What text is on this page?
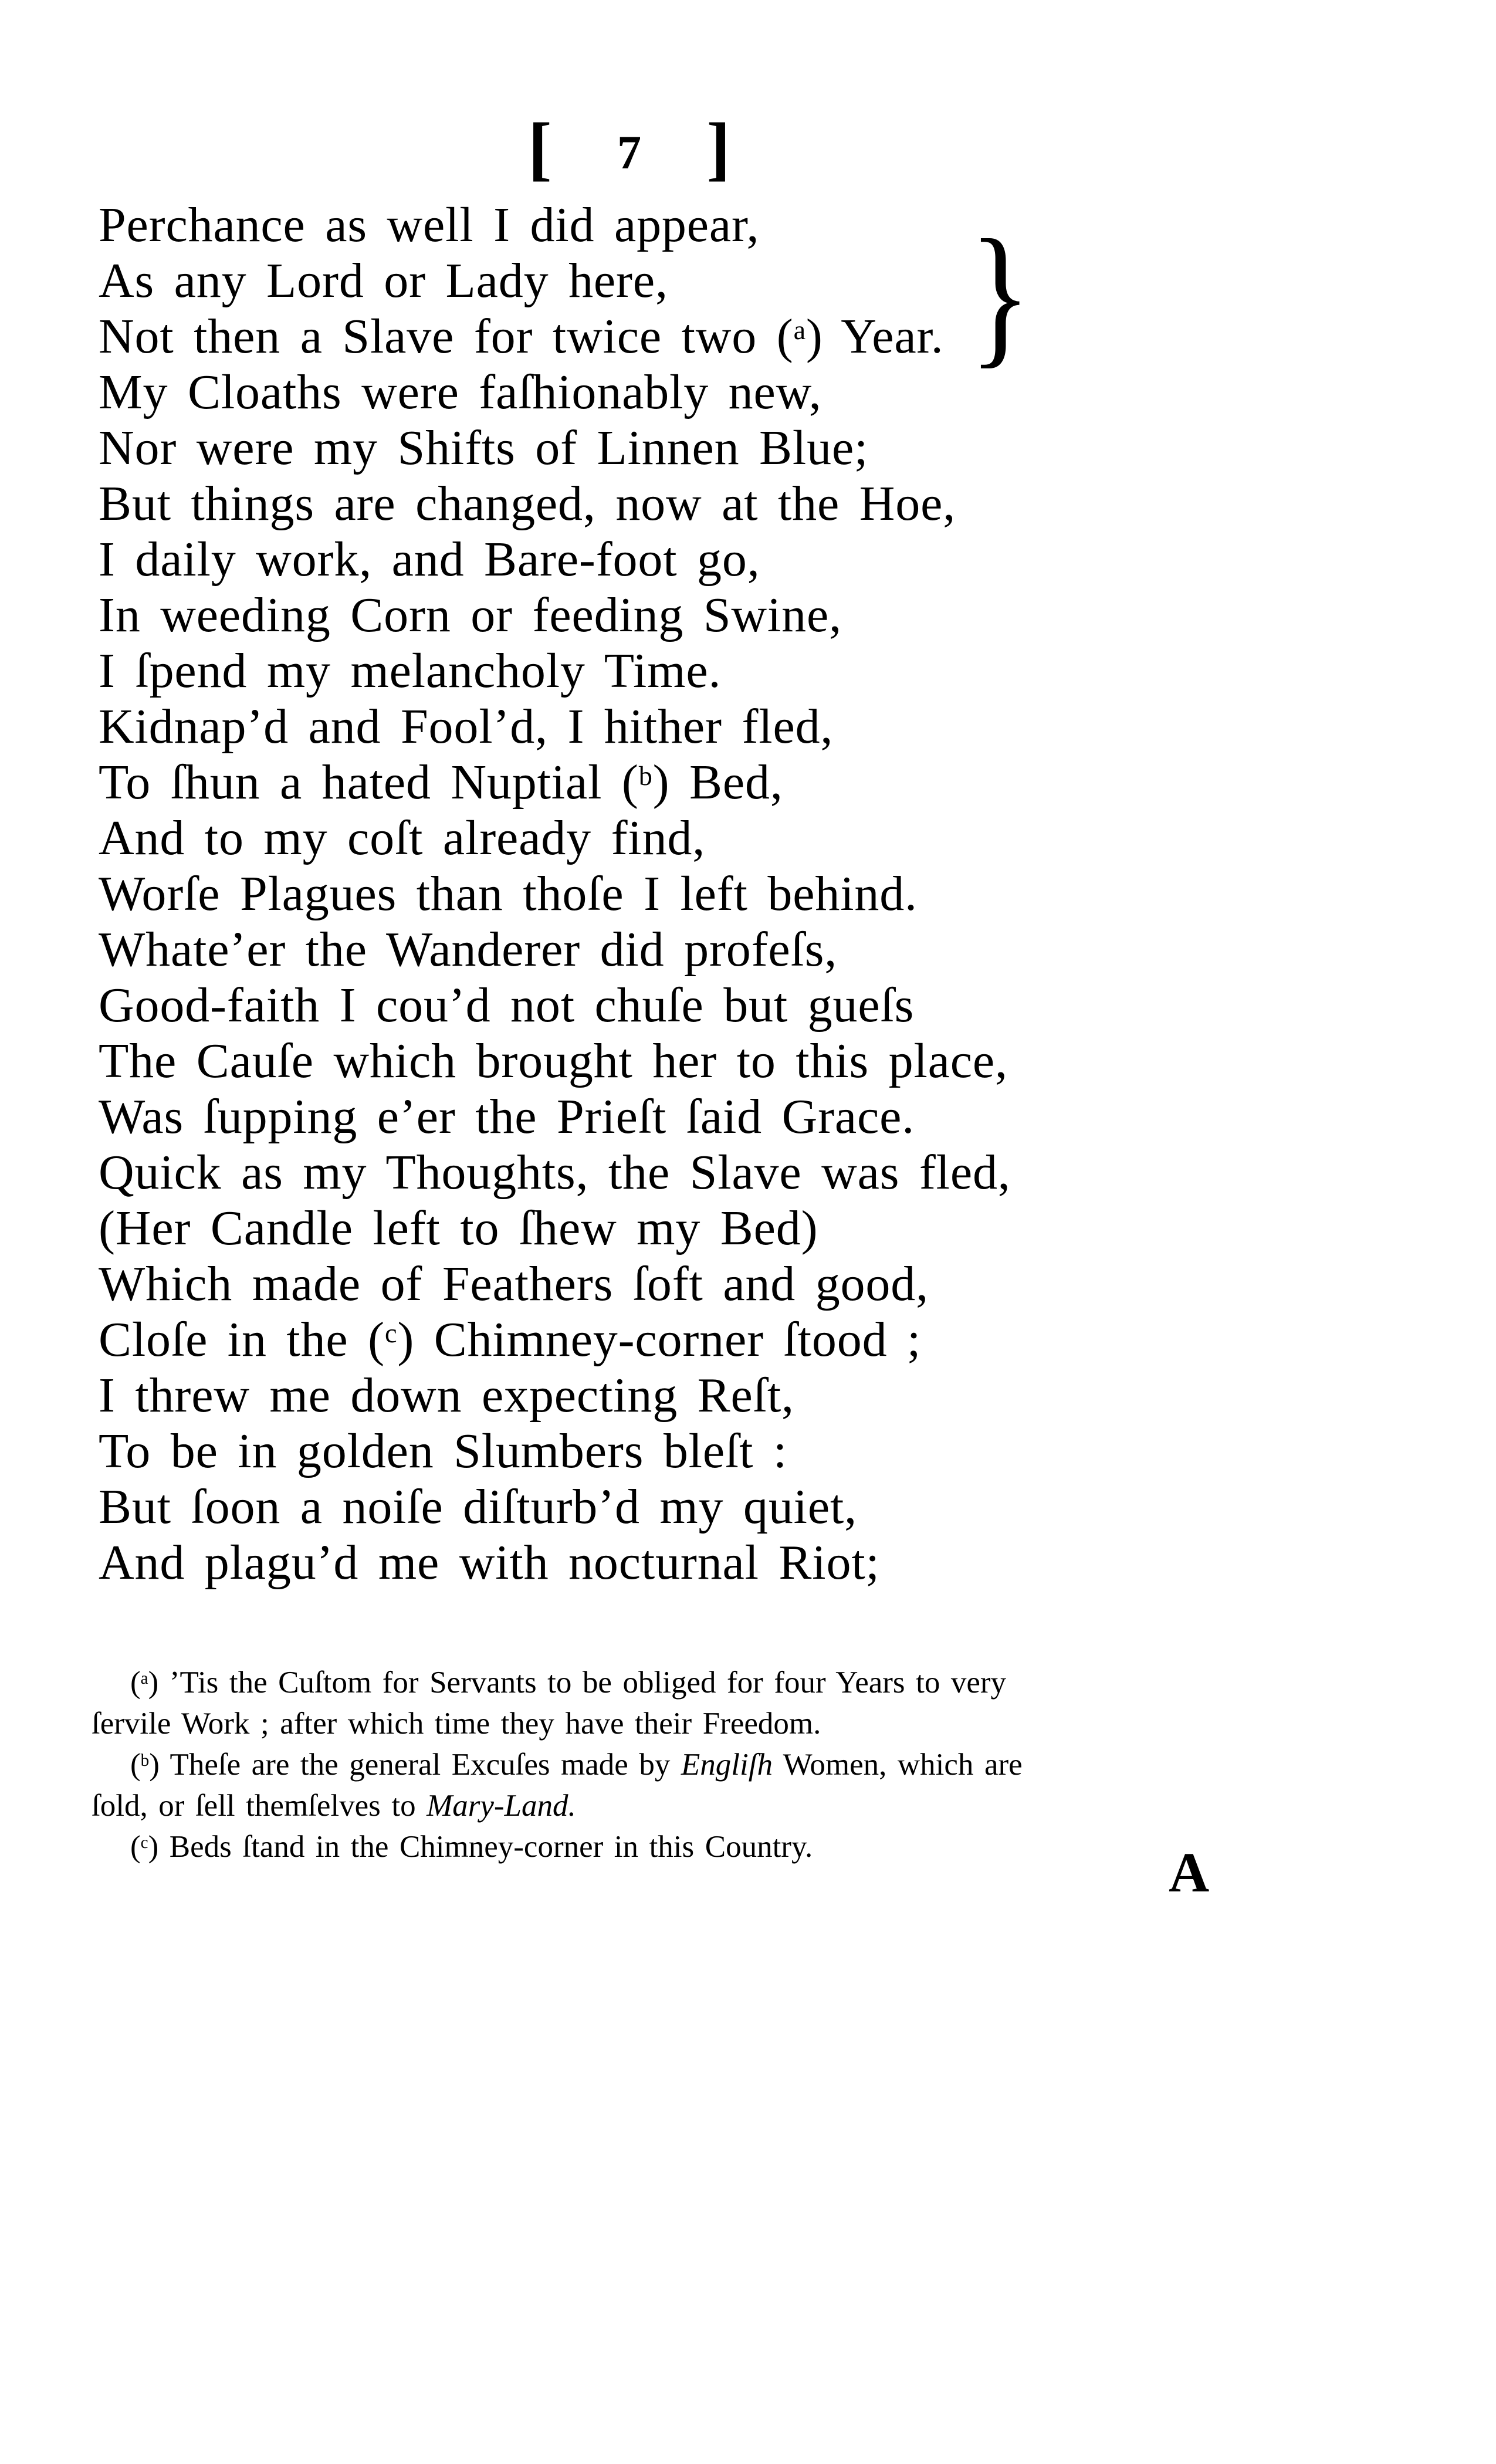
[ 7 ]
Perchance as well I did appear,
As any Lord or Lady here,
Not then a Slave for twice two ($^a$) Year.
My Cloaths were faſhionably new,
Nor were my Shifts of Linnen Blue;
But things are changed, now at the Hoe,
I daily work, and Bare-foot go,
In weeding Corn or feeding Swine,
I ſpend my melancholy Time.
Kidnap’d and Fool’d, I hither fled,
To ſhun a hated Nuptial ($^b$) Bed,
And to my coſt already find,
Worſe Plagues than thoſe I left behind.
Whate’er the Wanderer did profeſs,
Good-faith I cou’d not chuſe but gueſs
The Cauſe which brought her to this place,
Was ſupping e’er the Prieſt ſaid Grace.
Quick as my Thoughts, the Slave was fled,
(Her Candle left to ſhew my Bed)
Which made of Feathers ſoft and good,
Cloſe in the ($^c$) Chimney-corner ſtood ;
I threw me down expecting Reſt,
To be in golden Slumbers bleſt :
But ſoon a noiſe diſturb’d my quiet,
And plagu’d me with nocturnal Riot;
}
($^a$) ’Tis the Cuſtom for Servants to be obliged for four Years to very
ſervile Work ; after which time they have their Freedom.
($^b$) Theſe are the general Excuſes made by Engliſh Women, which are
ſold, or ſell themſelves to Mary-Land.
($^c$) Beds ſtand in the Chimney-corner in this Country.	A
